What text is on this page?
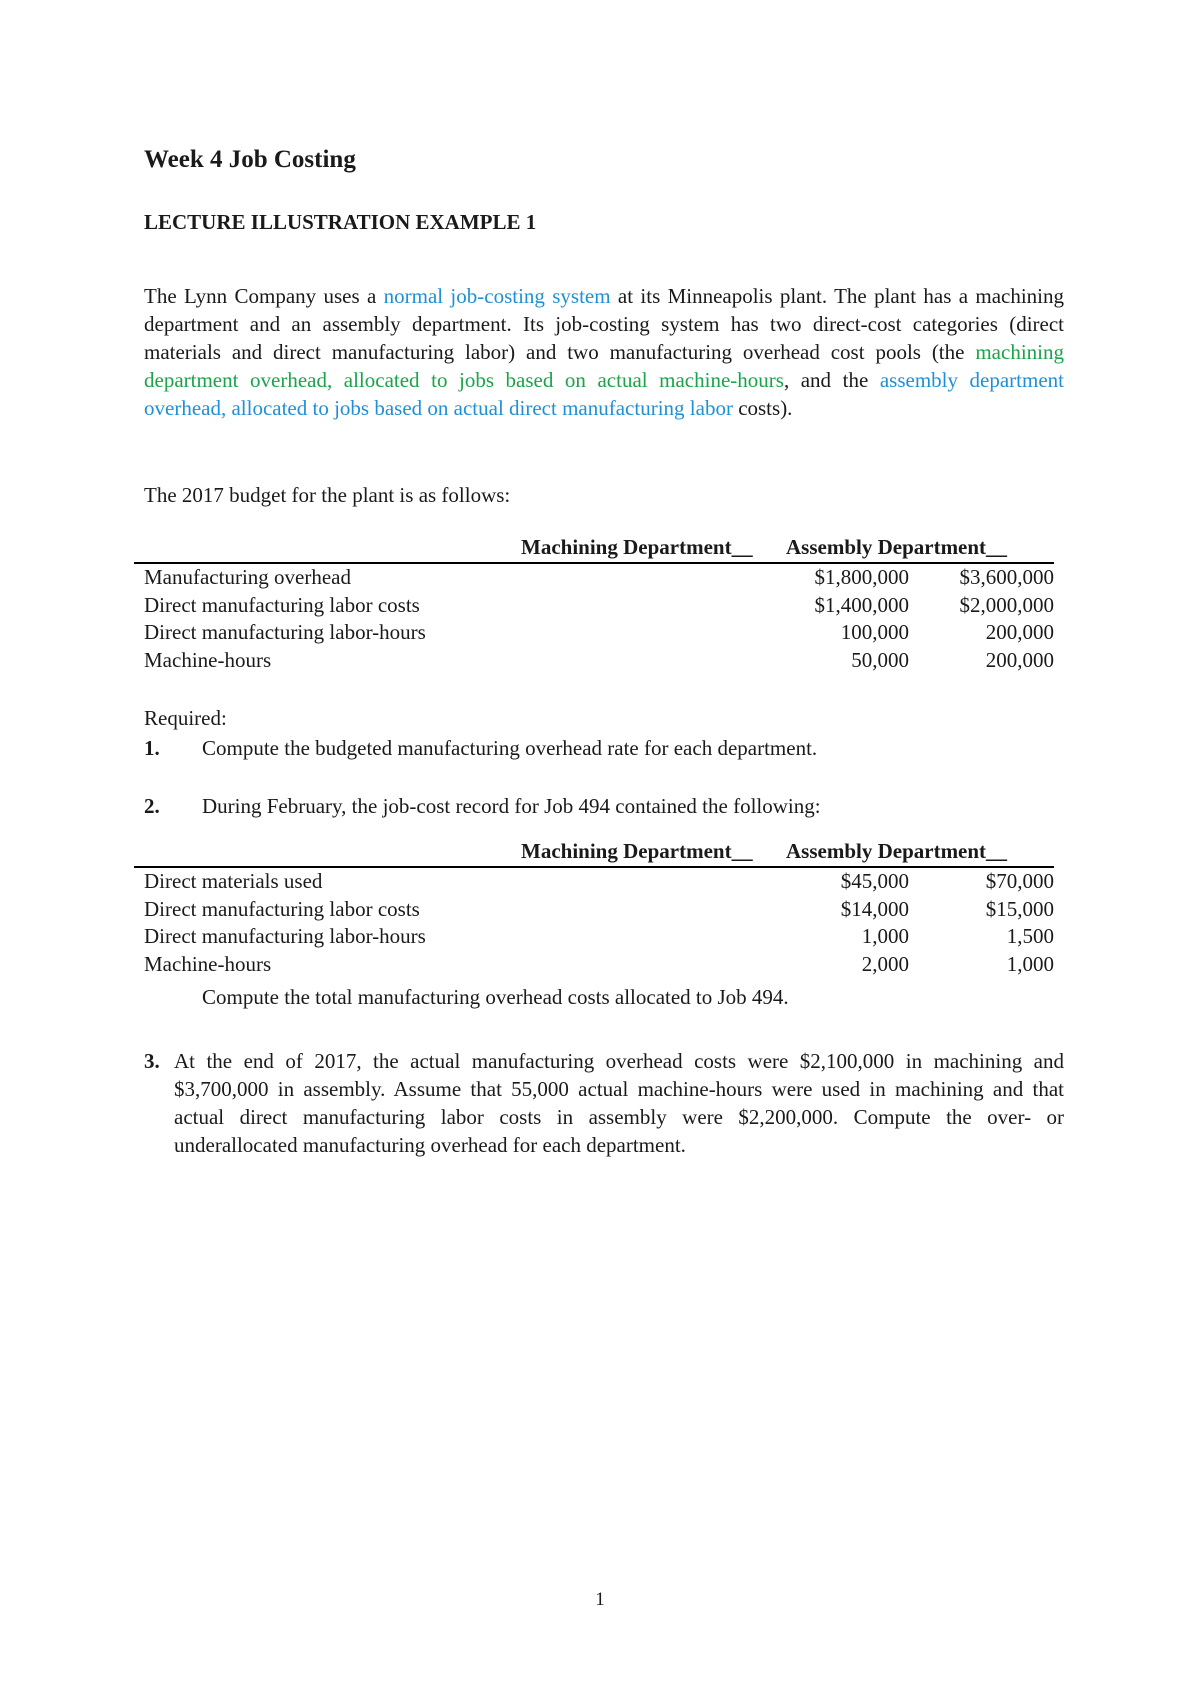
Week 4 Job Costing
LECTURE ILLUSTRATION EXAMPLE 1
The Lynn Company uses a normal job-costing system at its Minneapolis plant. The plant has a machining department and an assembly department. Its job-costing system has two direct-cost categories (direct materials and direct manufacturing labor) and two manufacturing overhead cost pools (the machining department overhead, allocated to jobs based on actual machine-hours, and the assembly department overhead, allocated to jobs based on actual direct manufacturing labor costs).
The 2017 budget for the plant is as follows:
Machining Department__ Assembly Department__
Manufacturing overhead	$1,800,000 $3,600,000
Direct manufacturing labor costs	$1,400,000 $2,000,000
Direct manufacturing labor-hours	100,000	200,000
Machine-hours	50,000	200,000
Required:
1. Compute the budgeted manufacturing overhead rate for each department.
2. During February, the job-cost record for Job 494 contained the following:
Machining Department__ Assembly Department__
Direct materials used	$45,000	$70,000
Direct manufacturing labor costs	$14,000	$15,000
Direct manufacturing labor-hours	1,000	1,500
Machine-hours	2,000	1,000
Compute the total manufacturing overhead costs allocated to Job 494.
3. At the end of 2017, the actual manufacturing overhead costs were $2,100,000 in machining and $3,700,000 in assembly. Assume that 55,000 actual machine-hours were used in machining and that actual direct manufacturing labor costs in assembly were $2,200,000. Compute the over- or underallocated manufacturing overhead for each department.
1
